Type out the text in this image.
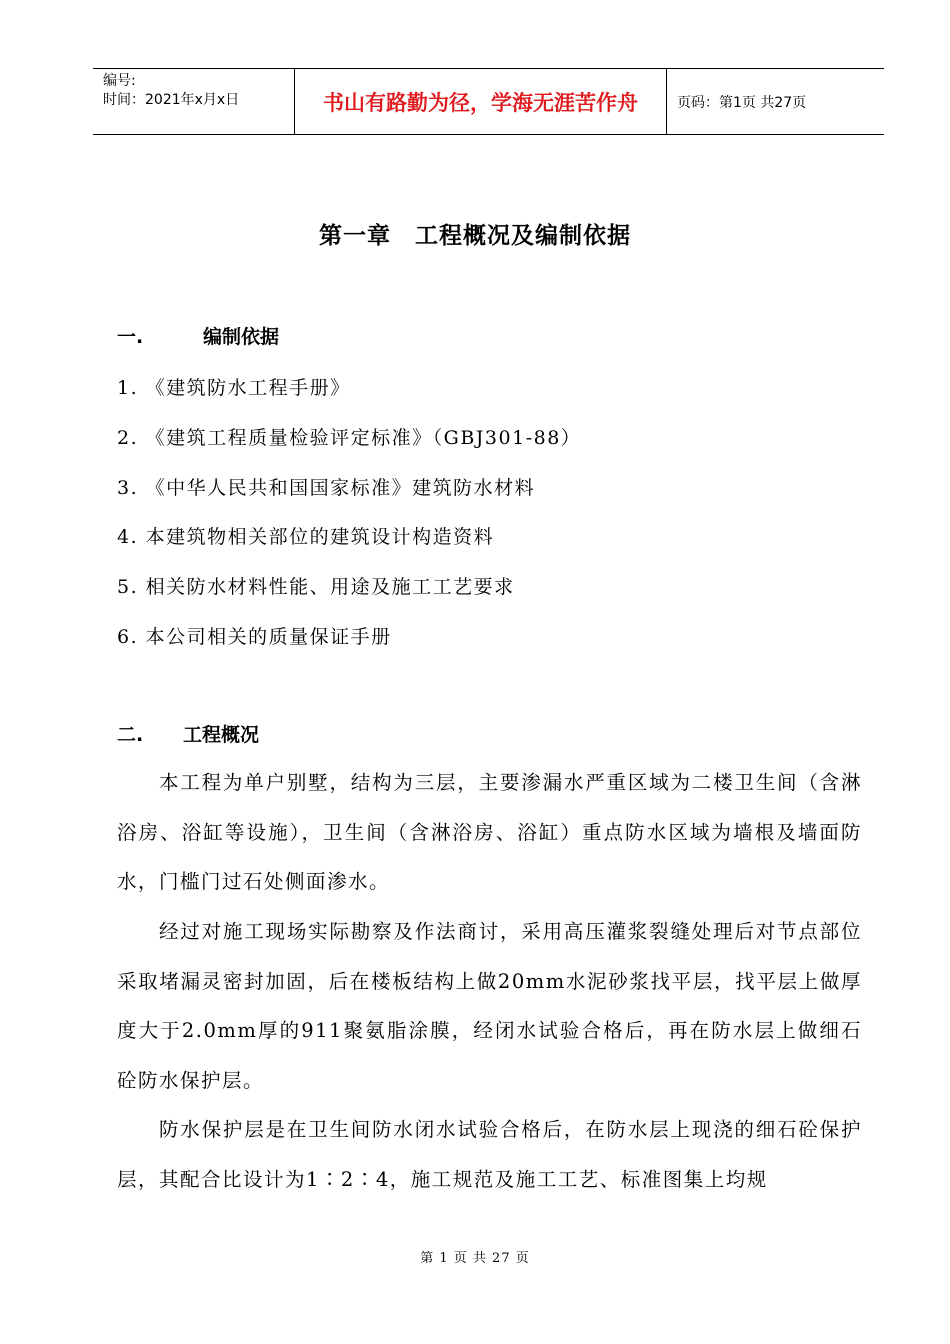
编号:
时间：2021年x月x日	书山有路勤为径，学海无涯苦作舟	页码：第1页 共27页
第一章　工程概况及编制依据
一.	编制依据
1. 《建筑防水工程手册》
2. 《建筑工程质量检验评定标准》（GBJ301-88）
3. 《中华人民共和国国家标准》建筑防水材料
4. 本建筑物相关部位的建筑设计构造资料
5. 相关防水材料性能、用途及施工工艺要求
6. 本公司相关的质量保证手册
二. 工程概况

本工程为单户别墅，结构为三层，主要渗漏水严重区域为二楼卫生间（含淋浴房、浴缸等设施），卫生间（含淋浴房、浴缸）重点防水区域为墙根及墙面防水，门槛门过石处侧面渗水。

经过对施工现场实际勘察及作法商讨，采用高压灌浆裂缝处理后对节点部位采取堵漏灵密封加固，后在楼板结构上做20mm水泥砂浆找平层，找平层上做厚度大于2.0mm厚的911聚氨脂涂膜，经闭水试验合格后，再在防水层上做细石砼防水保护层。

防水保护层是在卫生间防水闭水试验合格后，在防水层上现浇的细石砼保护层，其配合比设计为1∶2∶4，施工规范及施工工艺、标准图集上均规

第 1 页 共 27 页
